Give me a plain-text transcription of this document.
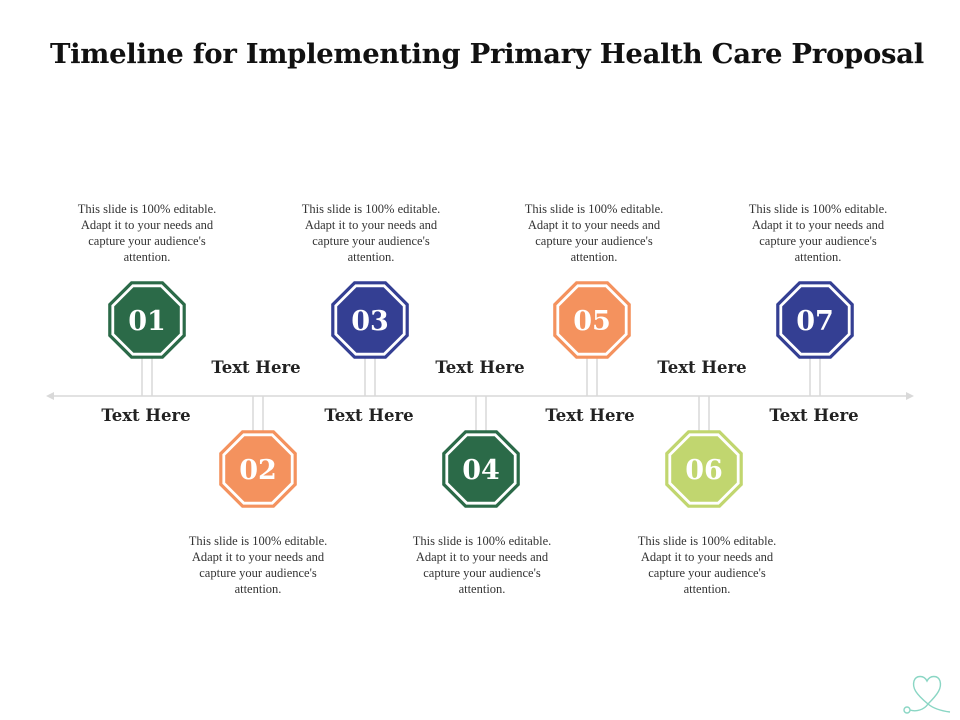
Timeline for Implementing Primary Health Care Proposal
01
02
03
04
05
06
07

This slide is 100% editable. Adapt it to your needs and capture your audience's attention.

This slide is 100% editable. Adapt it to your needs and capture your audience's attention.

This slide is 100% editable. Adapt it to your needs and capture your audience's attention.

This slide is 100% editable. Adapt it to your needs and capture your audience's attention.

This slide is 100% editable. Adapt it to your needs and capture your audience's attention.

This slide is 100% editable. Adapt it to your needs and capture your audience's attention.

This slide is 100% editable. Adapt it to your needs and capture your audience's attention.

Text Here
Text Here
Text Here
Text Here
Text Here
Text Here
Text Here
